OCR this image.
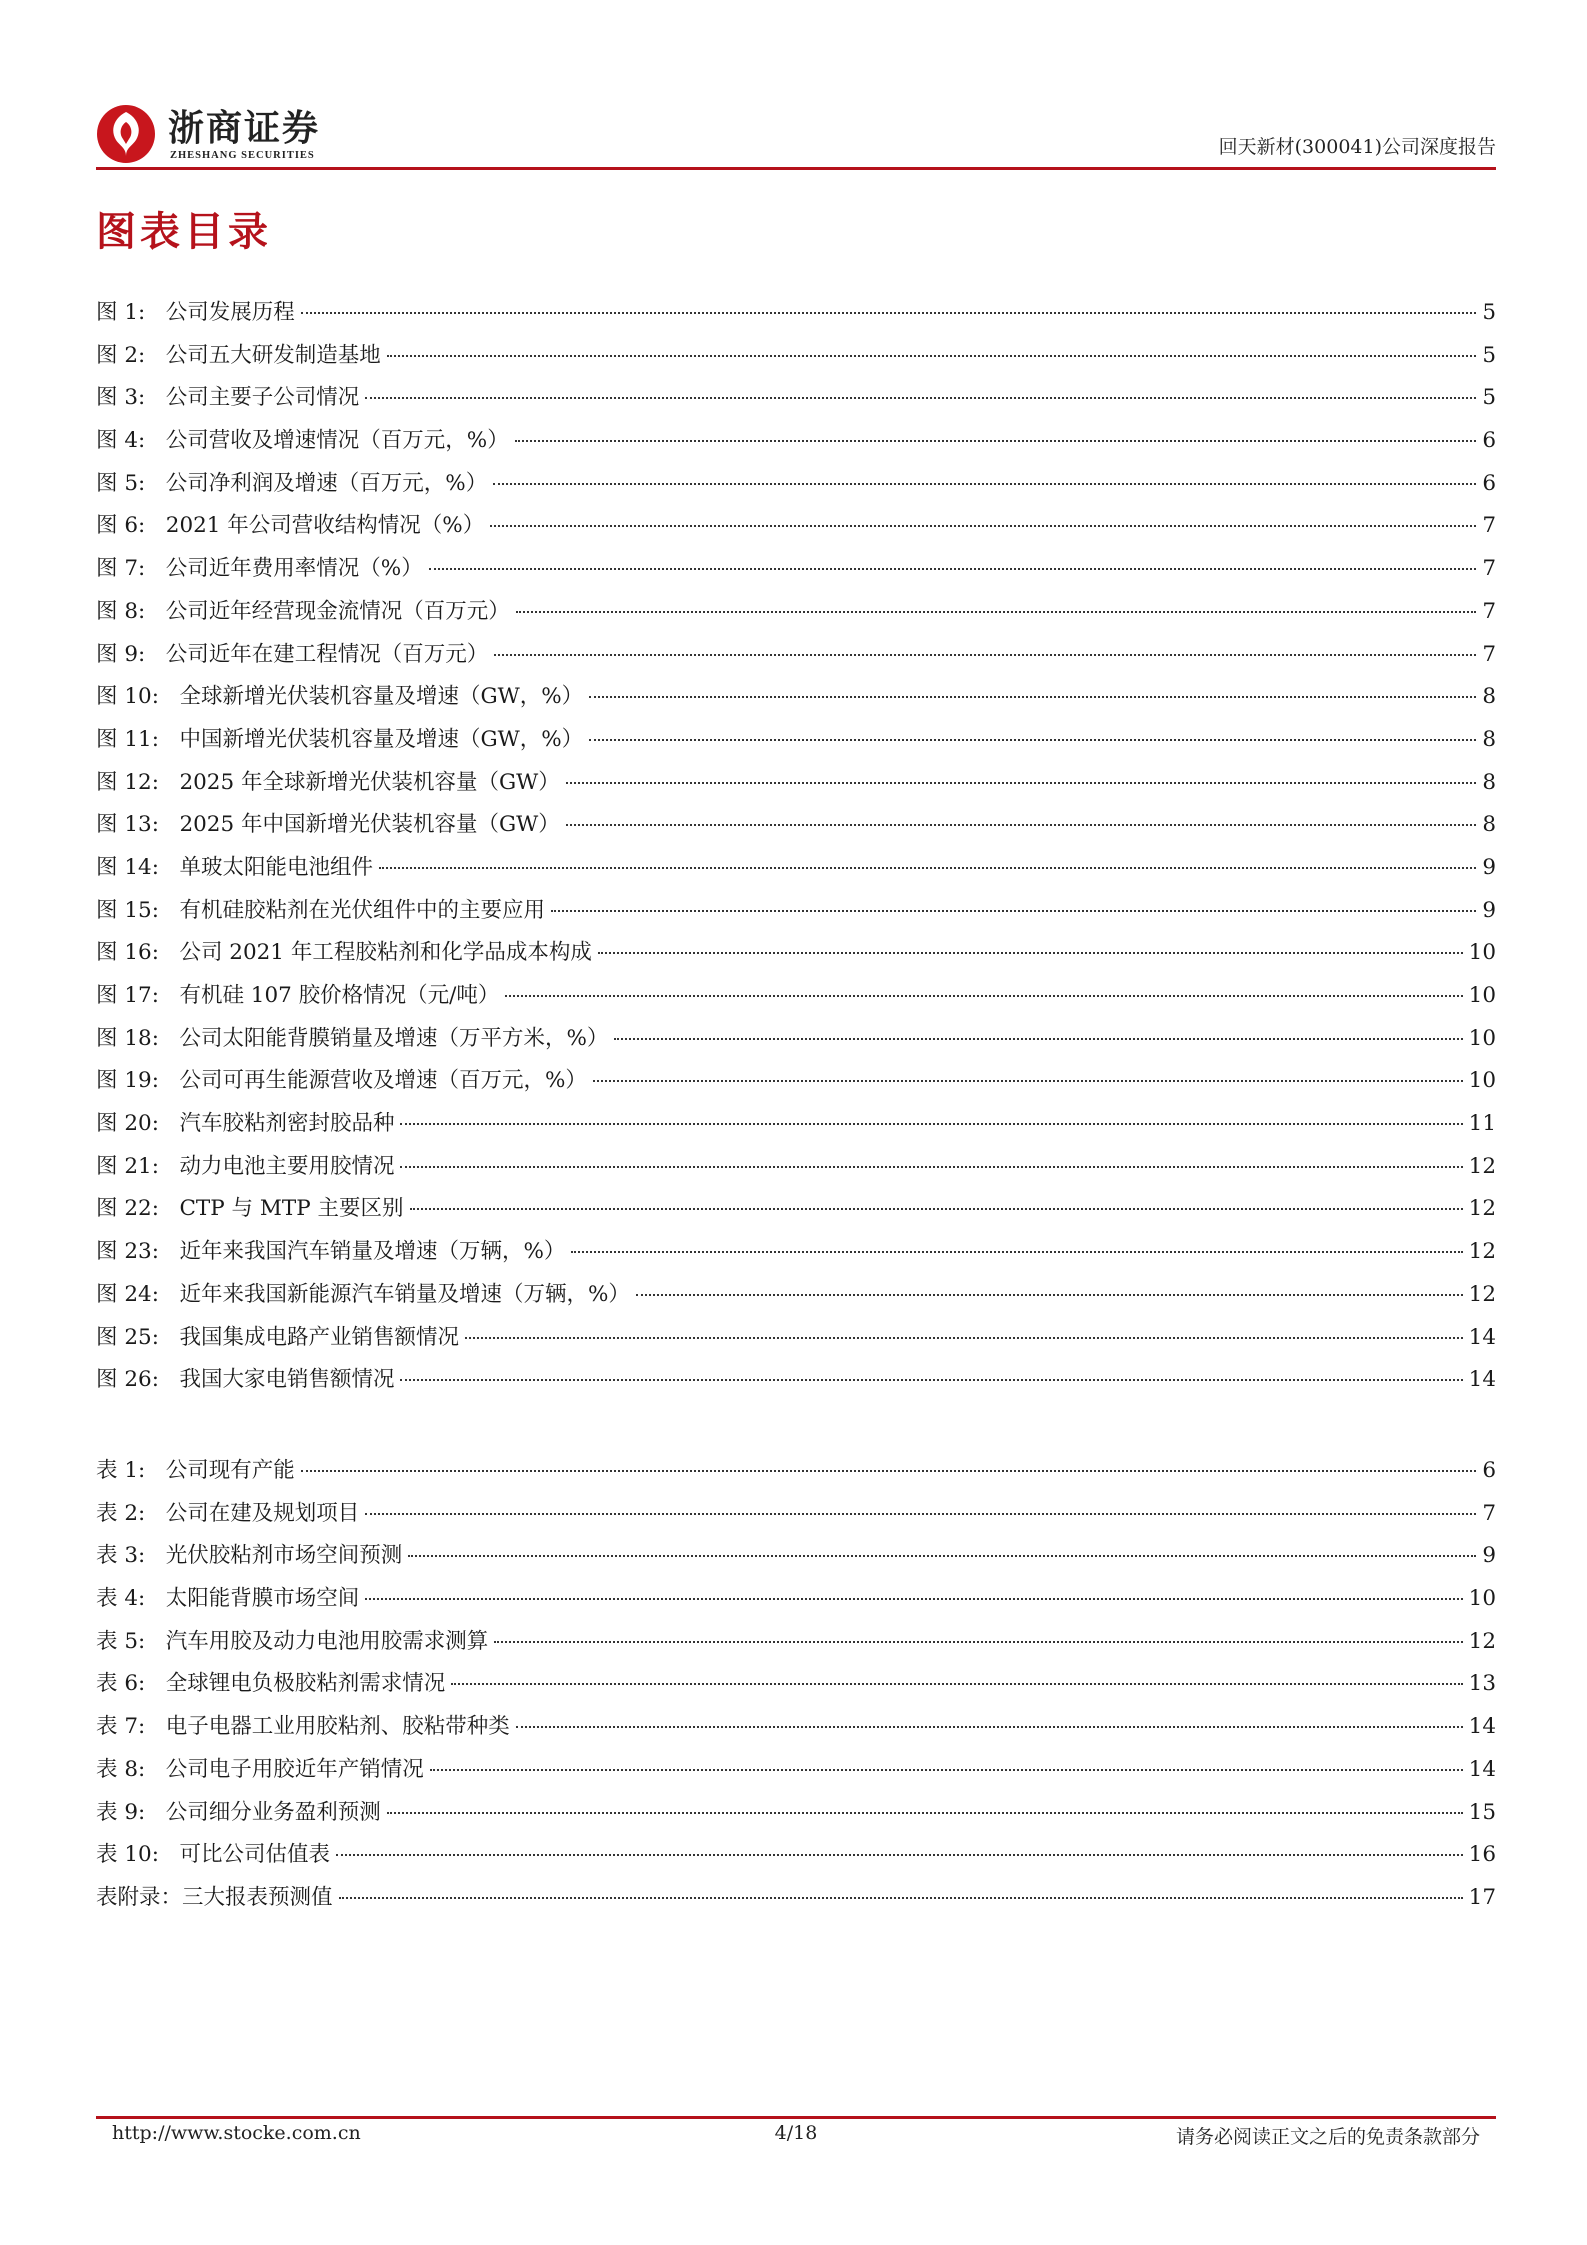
浙商证券
ZHESHANG SECURITIES	回天新材(300041)公司深度报告
图表目录
图 1:   公司发展历程	5
图 2:   公司五大研发制造基地	5
图 3:   公司主要子公司情况	5
图 4:   公司营收及增速情况（百万元，%）	6
图 5:   公司净利润及增速（百万元，%）	6
图 6:   2021 年公司营收结构情况（%）	7
图 7:   公司近年费用率情况（%）	7
图 8:   公司近年经营现金流情况（百万元）	7
图 9:   公司近年在建工程情况（百万元）	7
图 10:   全球新增光伏装机容量及增速（GW，%）	8
图 11:   中国新增光伏装机容量及增速（GW，%）	8
图 12:   2025 年全球新增光伏装机容量（GW）	8
图 13:   2025 年中国新增光伏装机容量（GW）	8
图 14:   单玻太阳能电池组件	9
图 15:   有机硅胶粘剂在光伏组件中的主要应用	9
图 16:   公司 2021 年工程胶粘剂和化学品成本构成	10
图 17:   有机硅 107 胶价格情况（元/吨）	10
图 18:   公司太阳能背膜销量及增速（万平方米，%）	10
图 19:   公司可再生能源营收及增速（百万元，%）	10
图 20:   汽车胶粘剂密封胶品种	11
图 21:   动力电池主要用胶情况	12
图 22:   CTP 与 MTP 主要区别	12
图 23:   近年来我国汽车销量及增速（万辆，%）	12
图 24:   近年来我国新能源汽车销量及增速（万辆，%）	12
图 25:   我国集成电路产业销售额情况	14
图 26:   我国大家电销售额情况	14
表 1:   公司现有产能	6
表 2:   公司在建及规划项目	7
表 3:   光伏胶粘剂市场空间预测	9
表 4:   太阳能背膜市场空间	10
表 5:   汽车用胶及动力电池用胶需求测算	12
表 6:   全球锂电负极胶粘剂需求情况	13
表 7:   电子电器工业用胶粘剂、胶粘带种类	14
表 8:   公司电子用胶近年产销情况	14
表 9:   公司细分业务盈利预测	15
表 10:   可比公司估值表	16
表附录：三大报表预测值	17
http://www.stocke.com.cn	4/18	请务必阅读正文之后的免责条款部分
